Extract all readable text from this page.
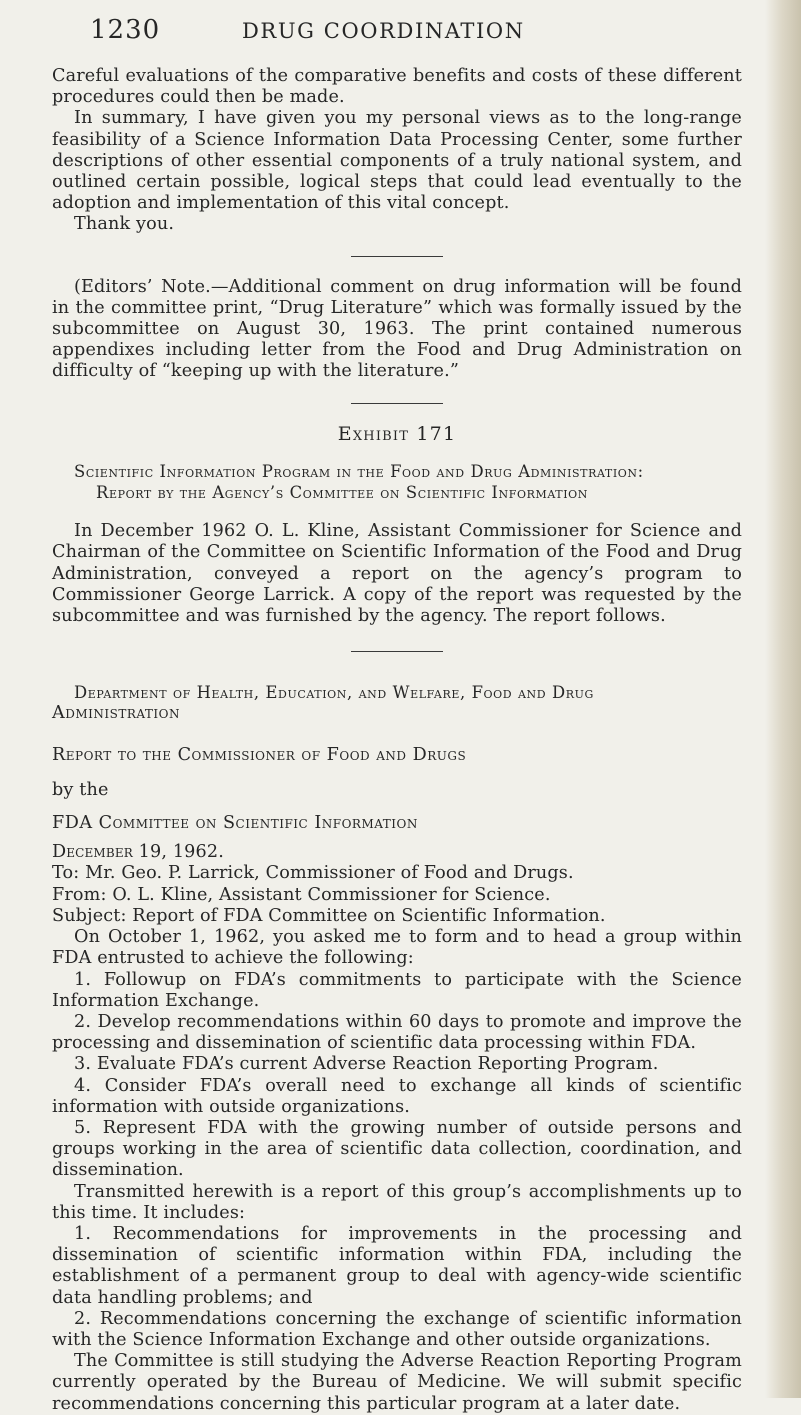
1230	DRUG COORDINATION

Careful evaluations of the comparative benefits and costs of these different procedures could then be made.

In summary, I have given you my personal views as to the long-range feasibility of a Science Information Data Processing Center, some further descriptions of other essential components of a truly national system, and outlined certain possible, logical steps that could lead eventually to the adoption and implementation of this vital concept.

Thank you.

(Editors’ Note.—Additional comment on drug information will be found in the committee print, “Drug Literature” which was formally issued by the subcommittee on August 30, 1963. The print contained numerous appendixes including letter from the Food and Drug Administration on difficulty of “keeping up with the literature.”

Exhibit 171

Scientific Information Program in the Food and Drug Administration:

Report by the Agency’s Committee on Scientific Information

In December 1962 O. L. Kline, Assistant Commissioner for Science and Chairman of the Committee on Scientific Information of the Food and Drug Administration, conveyed a report on the agency’s program to Commissioner George Larrick. A copy of the report was requested by the subcommittee and was furnished by the agency. The report follows.

Department of Health, Education, and Welfare, Food and Drug

Administration

Report to the Commissioner of Food and Drugs

by the

FDA Committee on Scientific Information

December 19, 1962.

To: Mr. Geo. P. Larrick, Commissioner of Food and Drugs.

From: O. L. Kline, Assistant Commissioner for Science.

Subject: Report of FDA Committee on Scientific Information.

On October 1, 1962, you asked me to form and to head a group within FDA entrusted to achieve the following:

1. Followup on FDA’s commitments to participate with the Science Information Exchange.

2. Develop recommendations within 60 days to promote and improve the processing and dissemination of scientific data processing within FDA.

3. Evaluate FDA’s current Adverse Reaction Reporting Program.

4. Consider FDA’s overall need to exchange all kinds of scientific information with outside organizations.

5. Represent FDA with the growing number of outside persons and groups working in the area of scientific data collection, coordination, and dissemination.

Transmitted herewith is a report of this group’s accomplishments up to this time. It includes:

1. Recommendations for improvements in the processing and dissemination of scientific information within FDA, including the establishment of a permanent group to deal with agency-wide scientific data handling problems; and

2. Recommendations concerning the exchange of scientific information with the Science Information Exchange and other outside organizations.

The Committee is still studying the Adverse Reaction Reporting Program currently operated by the Bureau of Medicine. We will submit specific recommendations concerning this particular program at a later date.
